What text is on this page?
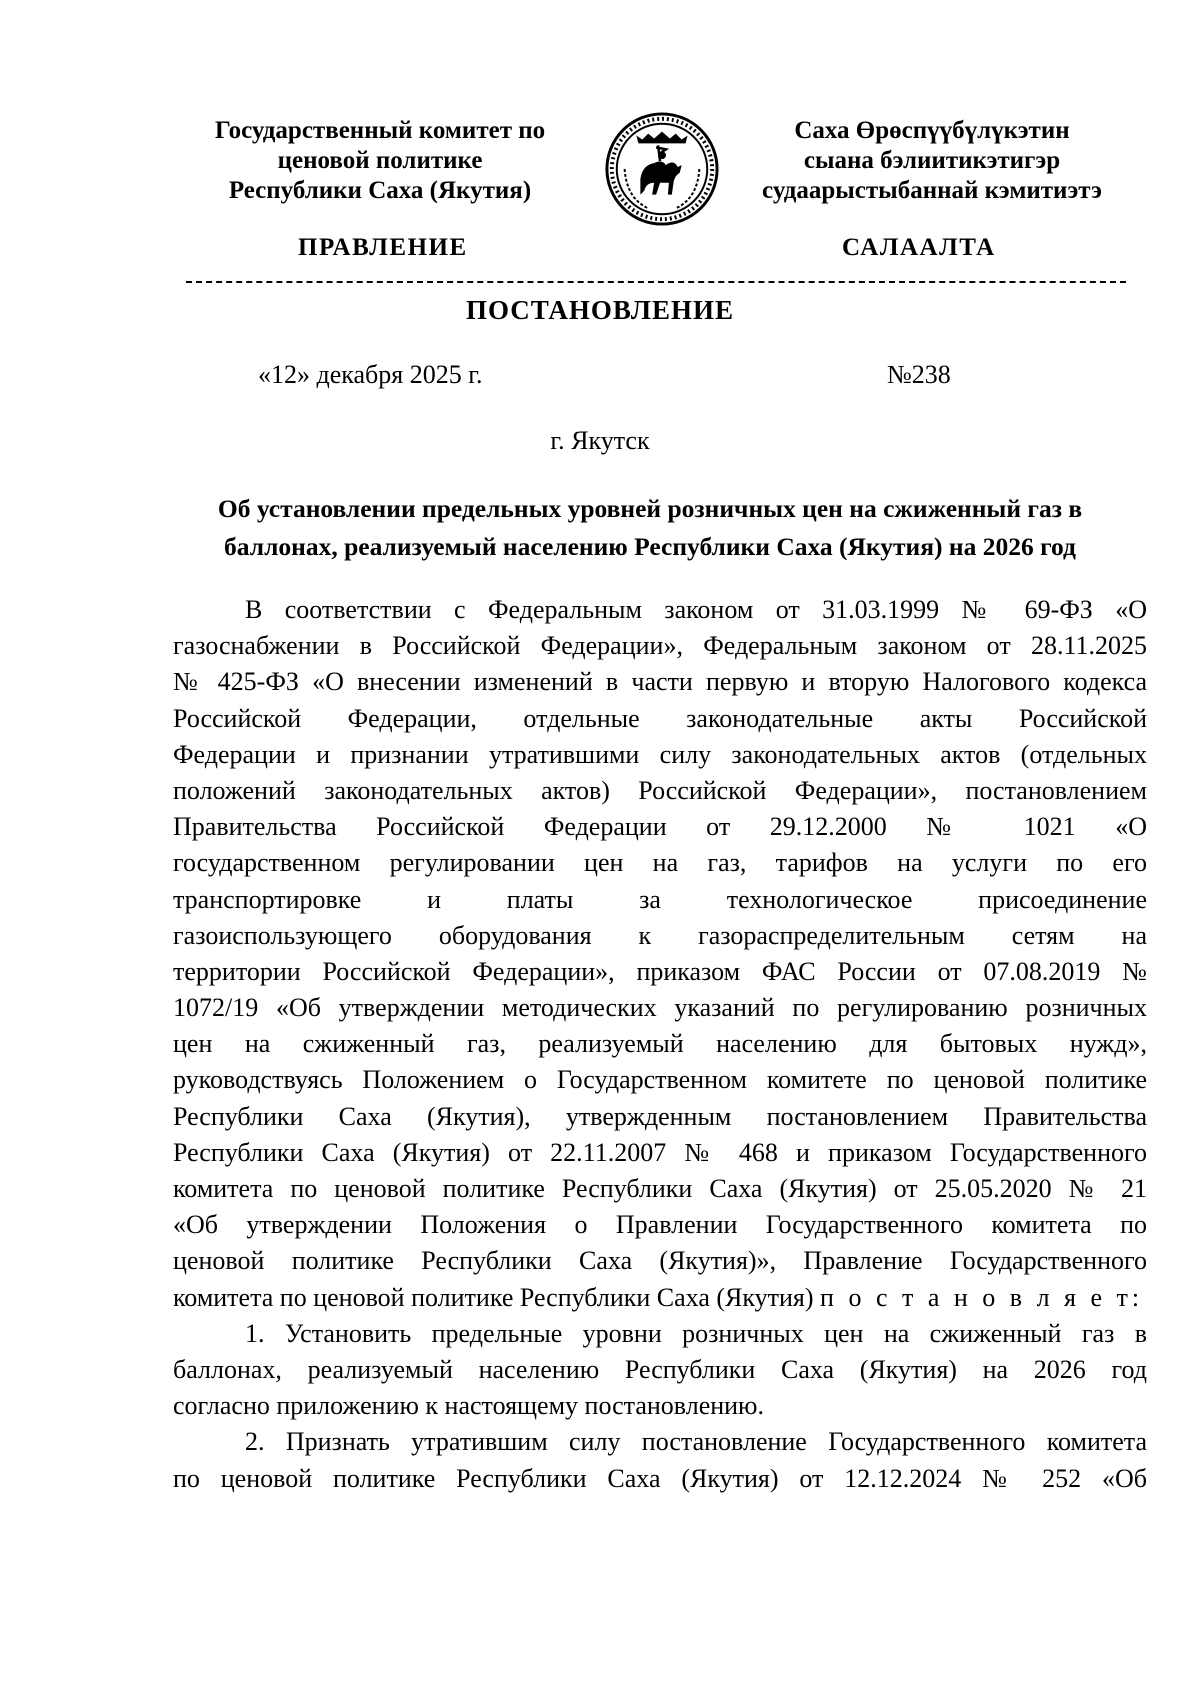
Государственный комитет по
ценовой политике
Республики Саха (Якутия)
Саха Өрөспүүбүлүкэтин
сыана бэлиитикэтигэр
судаарыстыбаннай кэмитиэтэ
ПРАВЛЕНИЕ	САЛААЛТА
ПОСТАНОВЛЕНИЕ
«12» декабря 2025 г.	№238
г. Якутск
Об установлении предельных уровней розничных цен на сжиженный газ в
баллонах, реализуемый населению Республики Саха (Якутия) на 2026 год
В соответствии с Федеральным законом от 31.03.1999 № 69-ФЗ «О
газоснабжении в Российской Федерации», Федеральным законом от 28.11.2025
№ 425-ФЗ «О внесении изменений в части первую и вторую Налогового кодекса
Российской Федерации, отдельные законодательные акты Российской
Федерации и признании утратившими силу законодательных актов (отдельных
положений законодательных актов) Российской Федерации», постановлением
Правительства Российской Федерации от 29.12.2000 № 1021 «О
государственном регулировании цен на газ, тарифов на услуги по его
транспортировке и платы за технологическое присоединение
газоиспользующего оборудования к газораспределительным сетям на
территории Российской Федерации», приказом ФАС России от 07.08.2019 №
1072/19 «Об утверждении методических указаний по регулированию розничных
цен на сжиженный газ, реализуемый населению для бытовых нужд»,
руководствуясь Положением о Государственном комитете по ценовой политике
Республики Саха (Якутия), утвержденным постановлением Правительства
Республики Саха (Якутия) от 22.11.2007 № 468 и приказом Государственного
комитета по ценовой политике Республики Саха (Якутия) от 25.05.2020 № 21
«Об утверждении Положения о Правлении Государственного комитета по
ценовой политике Республики Саха (Якутия)», Правление Государственного
комитета по ценовой политике Республики Саха (Якутия) п о с т а н о в л я е т:
1. Установить предельные уровни розничных цен на сжиженный газ в
баллонах, реализуемый населению Республики Саха (Якутия) на 2026 год
согласно приложению к настоящему постановлению.
2. Признать утратившим силу постановление Государственного комитета
по ценовой политике Республики Саха (Якутия) от 12.12.2024 № 252 «Об
